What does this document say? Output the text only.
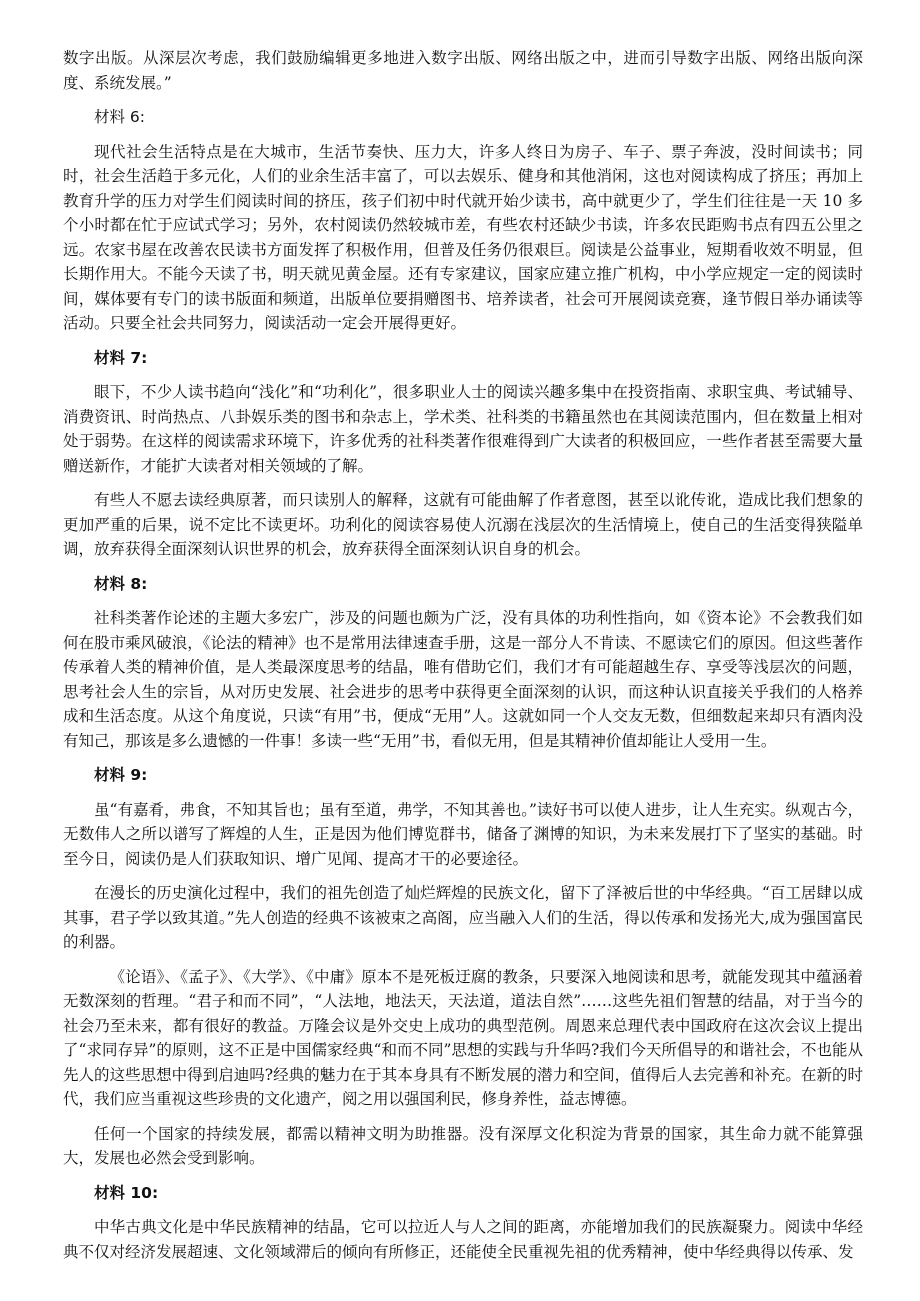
数字出版。从深层次考虑，我们鼓励编辑更多地进入数字出版、网络出版之中，进而引导数字出版、网络出版向深度、系统发展。”

材料 6:

现代社会生活特点是在大城市，生活节奏快、压力大，许多人终日为房子、车子、票子奔波，没时间读书；同时，社会生活趋于多元化，人们的业余生活丰富了，可以去娱乐、健身和其他消闲，这也对阅读构成了挤压；再加上教育升学的压力对学生们阅读时间的挤压，孩子们初中时代就开始少读书，高中就更少了，学生们往往是一天 10 多个小时都在忙于应试式学习；另外，农村阅读仍然较城市差，有些农村还缺少书读，许多农民距购书点有四五公里之远。农家书屋在改善农民读书方面发挥了积极作用，但普及任务仍很艰巨。阅读是公益事业，短期看收效不明显，但长期作用大。不能今天读了书，明天就见黄金屋。还有专家建议，国家应建立推广机构，中小学应规定一定的阅读时间，媒体要有专门的读书版面和频道，出版单位要捐赠图书、培养读者，社会可开展阅读竞赛，逢节假日举办诵读等活动。只要全社会共同努力，阅读活动一定会开展得更好。

材料 7:

眼下，不少人读书趋向“浅化”和“功利化”，很多职业人士的阅读兴趣多集中在投资指南、求职宝典、考试辅导、消费资讯、时尚热点、八卦娱乐类的图书和杂志上，学术类、社科类的书籍虽然也在其阅读范围内，但在数量上相对处于弱势。在这样的阅读需求环境下，许多优秀的社科类著作很难得到广大读者的积极回应，一些作者甚至需要大量赠送新作，才能扩大读者对相关领域的了解。

有些人不愿去读经典原著，而只读别人的解释，这就有可能曲解了作者意图，甚至以讹传讹，造成比我们想象的更加严重的后果，说不定比不读更坏。功利化的阅读容易使人沉溺在浅层次的生活情境上，使自己的生活变得狭隘单调，放弃获得全面深刻认识世界的机会，放弃获得全面深刻认识自身的机会。

材料 8:

社科类著作论述的主题大多宏广，涉及的问题也颇为广泛，没有具体的功利性指向，如《资本论》不会教我们如何在股市乘风破浪，《论法的精神》也不是常用法律速查手册，这是一部分人不肯读、不愿读它们的原因。但这些著作传承着人类的精神价值，是人类最深度思考的结晶，唯有借助它们，我们才有可能超越生存、享受等浅层次的问题，思考社会人生的宗旨，从对历史发展、社会进步的思考中获得更全面深刻的认识，而这种认识直接关乎我们的人格养成和生活态度。从这个角度说，只读“有用”书，便成“无用”人。这就如同一个人交友无数，但细数起来却只有酒肉没有知己，那该是多么遗憾的一件事！多读一些“无用”书，看似无用，但是其精神价值却能让人受用一生。

材料 9:

虽“有嘉肴，弗食，不知其旨也；虽有至道，弗学，不知其善也。”读好书可以使人进步，让人生充实。纵观古今，无数伟人之所以谱写了辉煌的人生，正是因为他们博览群书，储备了渊博的知识，为未来发展打下了坚实的基础。时至今日，阅读仍是人们获取知识、增广见闻、提高才干的必要途径。

在漫长的历史演化过程中，我们的祖先创造了灿烂辉煌的民族文化，留下了泽被后世的中华经典。“百工居肆以成其事，君子学以致其道。”先人创造的经典不该被束之高阁，应当融入人们的生活，得以传承和发扬光大,成为强国富民的利器。

《论语》、《孟子》、《大学》、《中庸》原本不是死板迂腐的教条，只要深入地阅读和思考，就能发现其中蕴涵着无数深刻的哲理。“君子和而不同”，“人法地，地法天，天法道，道法自然”……这些先祖们智慧的结晶，对于当今的社会乃至未来，都有很好的教益。万隆会议是外交史上成功的典型范例。周恩来总理代表中国政府在这次会议上提出了“求同存异”的原则，这不正是中国儒家经典“和而不同”思想的实践与升华吗?我们今天所倡导的和谐社会，不也能从先人的这些思想中得到启迪吗?经典的魅力在于其本身具有不断发展的潜力和空间，值得后人去完善和补充。在新的时代，我们应当重视这些珍贵的文化遗产，阅之用以强国利民，修身养性，益志博德。

任何一个国家的持续发展，都需以精神文明为助推器。没有深厚文化积淀为背景的国家，其生命力就不能算强大，发展也必然会受到影响。

材料 10:

中华古典文化是中华民族精神的结晶，它可以拉近人与人之间的距离，亦能增加我们的民族凝聚力。阅读中华经典不仅对经济发展超速、文化领域滞后的倾向有所修正，还能使全民重视先祖的优秀精神，使中华经典得以传承、发
